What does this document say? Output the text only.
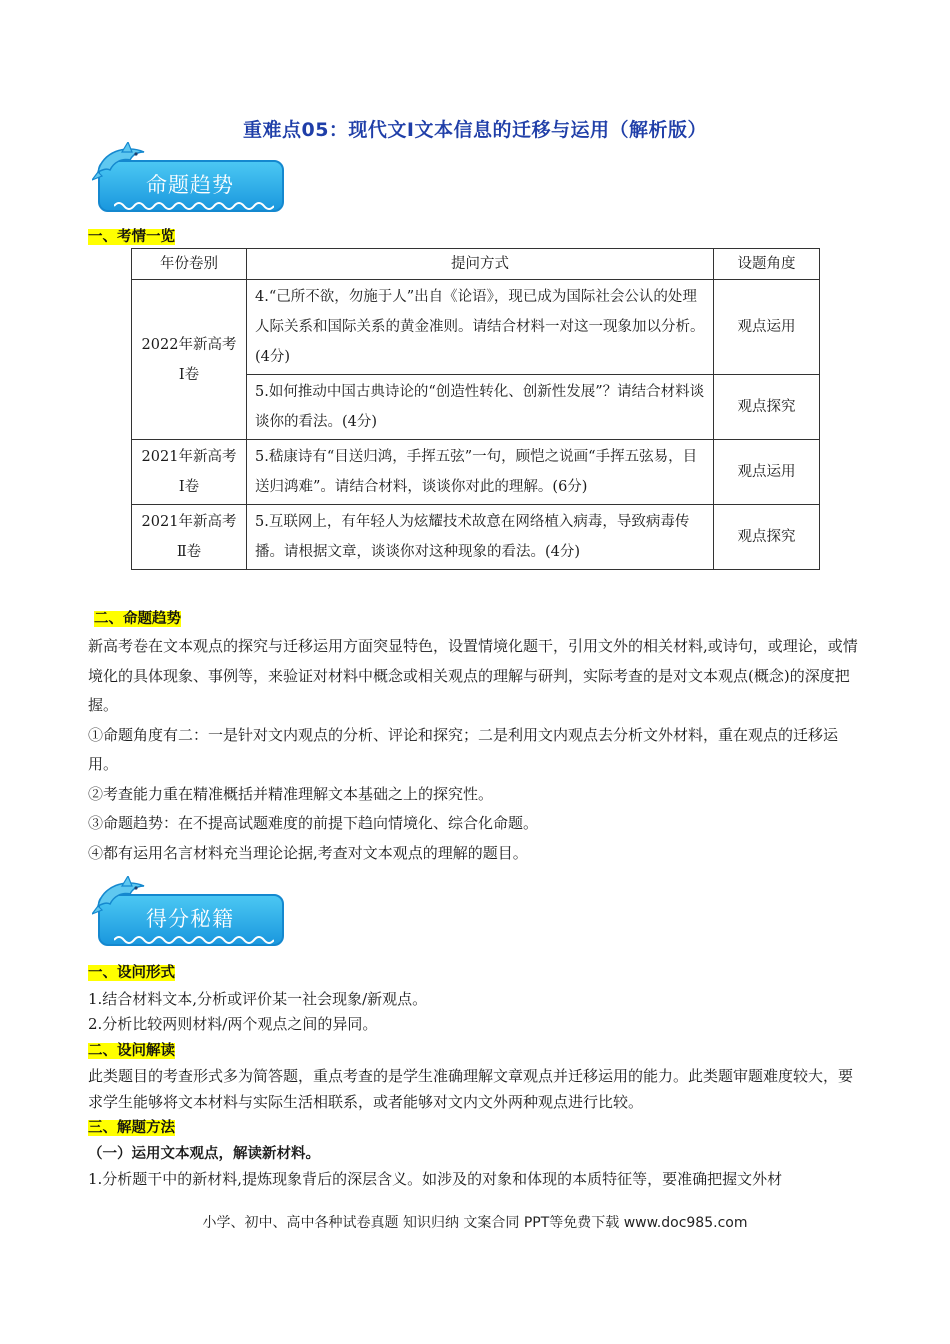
重难点05：现代文I文本信息的迁移与运用（解析版）
命题趋势
一、考情一览
年份卷别	提问方式	设题角度
2022年新高考Ⅰ卷	4.“己所不欲，勿施于人”出自《论语》，现已成为国际社会公认的处理人际关系和国际关系的黄金准则。请结合材料一对这一现象加以分析。(4分)	观点运用
	5.如何推动中国古典诗论的“创造性转化、创新性发展”？请结合材料谈谈你的看法。(4分)	观点探究
2021年新高考Ⅰ卷	5.嵇康诗有“目送归鸿，手挥五弦”一句，顾恺之说画“手挥五弦易，目送归鸿难”。请结合材料，谈谈你对此的理解。(6分)	观点运用
2021年新高考Ⅱ卷	5.互联网上，有年轻人为炫耀技术故意在网络植入病毒，导致病毒传播。请根据文章，谈谈你对这种现象的看法。(4分)	观点探究
二、命题趋势

新高考卷在文本观点的探究与迁移运用方面突显特色，设置情境化题干，引用文外的相关材料,或诗句，或理论，或情境化的具体现象、事例等，来验证对材料中概念或相关观点的理解与研判，实际考查的是对文本观点(概念)的深度把握。

①命题角度有二：一是针对文内观点的分析、评论和探究；二是利用文内观点去分析文外材料，重在观点的迁移运用。

②考查能力重在精准概括并精准理解文本基础之上的探究性。

③命题趋势：在不提高试题难度的前提下趋向情境化、综合化命题。

④都有运用名言材料充当理论论据,考查对文本观点的理解的题目。

得分秘籍

一、设问形式

1.结合材料文本,分析或评价某一社会现象/新观点。

2.分析比较两则材料/两个观点之间的异同。

二、设问解读

此类题目的考查形式多为简答题，重点考查的是学生准确理解文章观点并迁移运用的能力。此类题审题难度较大，要求学生能够将文本材料与实际生活相联系，或者能够对文内文外两种观点进行比较。

三、解题方法

（一）运用文本观点，解读新材料。

1.分析题干中的新材料,提炼现象背后的深层含义。如涉及的对象和体现的本质特征等，要准确把握文外材

小学、初中、高中各种试卷真题 知识归纳 文案合同 PPT等免费下载 www.doc985.com
